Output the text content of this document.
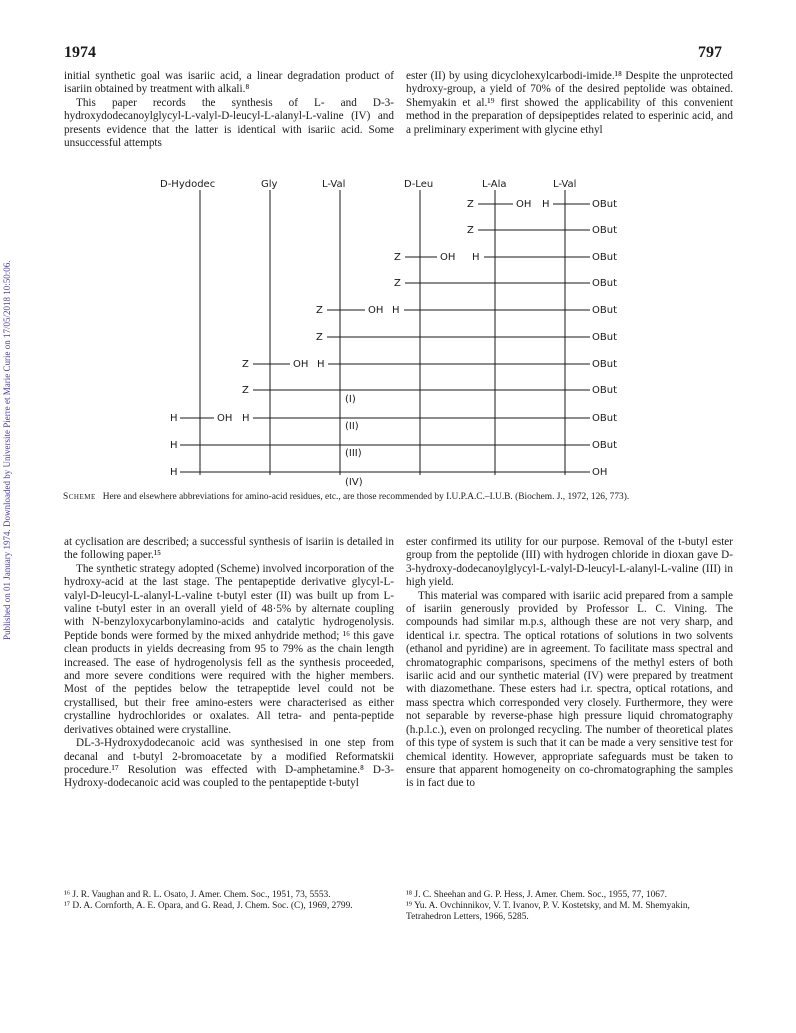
1974	797
Published on 01 January 1974. Downloaded by Universite Pierre et Marie Curie on 17/05/2018 10:50:06.

initial synthetic goal was isariic acid, a linear degradation product of isariin obtained by treatment with alkali.⁸

This paper records the synthesis of L- and D-3-hydroxydodecanoylglycyl-L-valyl-D-leucyl-L-alanyl-L-valine (IV) and presents evidence that the latter is identical with isariic acid. Some unsuccessful attempts

ester (II) by using dicyclohexylcarbodi-imide.¹⁸ Despite the unprotected hydroxy-group, a yield of 70% of the desired peptolide was obtained. Shemyakin et al.¹⁹ first showed the applicability of this convenient method in the preparation of depsipeptides related to esperinic acid, and a preliminary experiment with glycine ethyl

D-Hydodec	Gly	L-Val	D-Leu	L-Ala	L-Val
Z	OH H	OBut
Z	OBut
Z	OH H	OBut
Z	OBut
Z	OH H	OBut
Z	OBut
Z	OH H	OBut
Z	OBut
H	OH H	OBut
H	OBut
H	OH
(I)
(II)
(III)
(IV)
Scheme Here and elsewhere abbreviations for amino-acid residues, etc., are those recommended by I.U.P.A.C.–I.U.B. (Biochem. J., 1972, 126, 773).

at cyclisation are described; a successful synthesis of isariin is detailed in the following paper.¹⁵

The synthetic strategy adopted (Scheme) involved incorporation of the hydroxy-acid at the last stage. The pentapeptide derivative glycyl-L-valyl-D-leucyl-L-alanyl-L-valine t-butyl ester (II) was built up from L-valine t-butyl ester in an overall yield of 48·5% by alternate coupling with N-benzyloxycarbonylamino-acids and catalytic hydrogenolysis. Peptide bonds were formed by the mixed anhydride method; ¹⁶ this gave clean products in yields decreasing from 95 to 79% as the chain length increased. The ease of hydrogenolysis fell as the synthesis proceeded, and more severe conditions were required with the higher members. Most of the peptides below the tetrapeptide level could not be crystallised, but their free amino-esters were characterised as either crystalline hydrochlorides or oxalates. All tetra- and penta-peptide derivatives obtained were crystalline.

DL-3-Hydroxydodecanoic acid was synthesised in one step from decanal and t-butyl 2-bromoacetate by a modified Reformatskii procedure.¹⁷ Resolution was effected with D-amphetamine.⁸ D-3-Hydroxy-dodecanoic acid was coupled to the pentapeptide t-butyl

ester confirmed its utility for our purpose. Removal of the t-butyl ester group from the peptolide (III) with hydrogen chloride in dioxan gave D-3-hydroxy-dodecanoylglycyl-L-valyl-D-leucyl-L-alanyl-L-valine (III) in high yield.

This material was compared with isariic acid prepared from a sample of isariin generously provided by Professor L. C. Vining. The compounds had similar m.p.s, although these are not very sharp, and identical i.r. spectra. The optical rotations of solutions in two solvents (ethanol and pyridine) are in agreement. To facilitate mass spectral and chromatographic comparisons, specimens of the methyl esters of both isariic acid and our synthetic material (IV) were prepared by treatment with diazomethane. These esters had i.r. spectra, optical rotations, and mass spectra which corresponded very closely. Furthermore, they were not separable by reverse-phase high pressure liquid chromatography (h.p.l.c.), even on prolonged recycling. The number of theoretical plates of this type of system is such that it can be made a very sensitive test for chemical identity. However, appropriate safeguards must be taken to ensure that apparent homogeneity on co-chromatographing the samples is in fact due to

¹⁶ J. R. Vaughan and R. L. Osato, J. Amer. Chem. Soc., 1951, 73, 5553.

¹⁷ D. A. Cornforth, A. E. Opara, and G. Read, J. Chem. Soc. (C), 1969, 2799.

¹⁸ J. C. Sheehan and G. P. Hess, J. Amer. Chem. Soc., 1955, 77, 1067.

¹⁹ Yu. A. Ovchinnikov, V. T. Ivanov, P. V. Kostetsky, and M. M. Shemyakin, Tetrahedron Letters, 1966, 5285.
